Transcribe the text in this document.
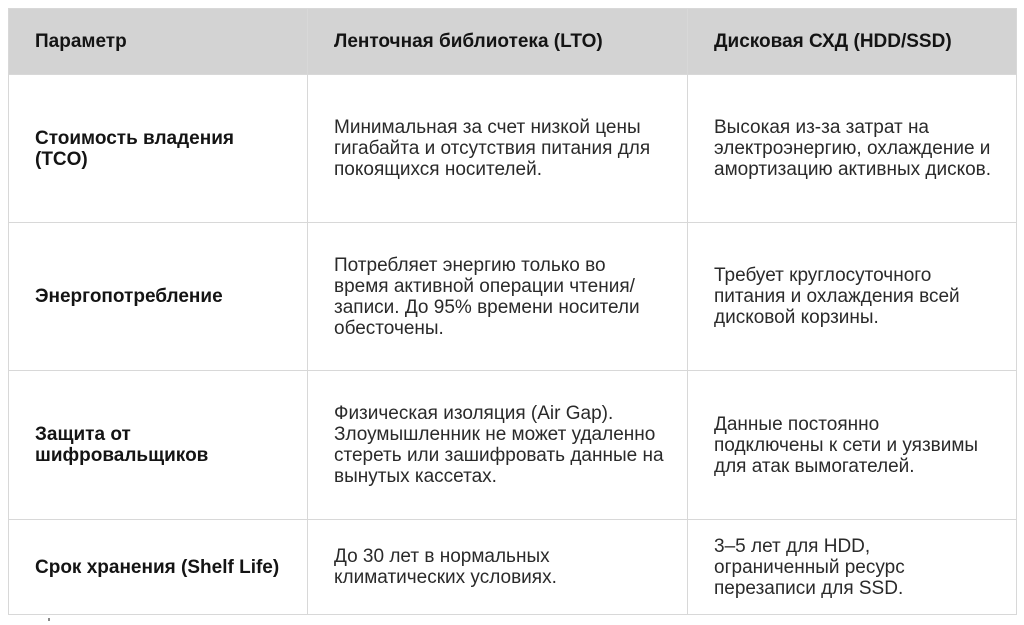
Параметр	Ленточная библиотека (LTO)	Дисковая СХД (HDD/SSD)
Стоимость владения (TCO)	Минимальная за счет низкой цены гигабайта и отсутствия питания для покоящихся носителей.	Высокая из-за затрат на электроэнергию, охлаждение и амортизацию активных дисков.
Энергопотребление	Потребляет энергию только во время активной операции чтения/записи. До 95% времени носители обесточены.	Требует круглосуточного питания и охлаждения всей дисковой корзины.
Защита от шифровальщиков	Физическая изоляция (Air Gap). Злоумышленник не может удаленно стереть или зашифровать данные на вынутых кассетах.	Данные постоянно подключены к сети и уязвимы для атак вымогателей.
Срок хранения (Shelf Life)	До 30 лет в нормальных климатических условиях.	3–5 лет для HDD, ограниченный ресурс перезаписи для SSD.
